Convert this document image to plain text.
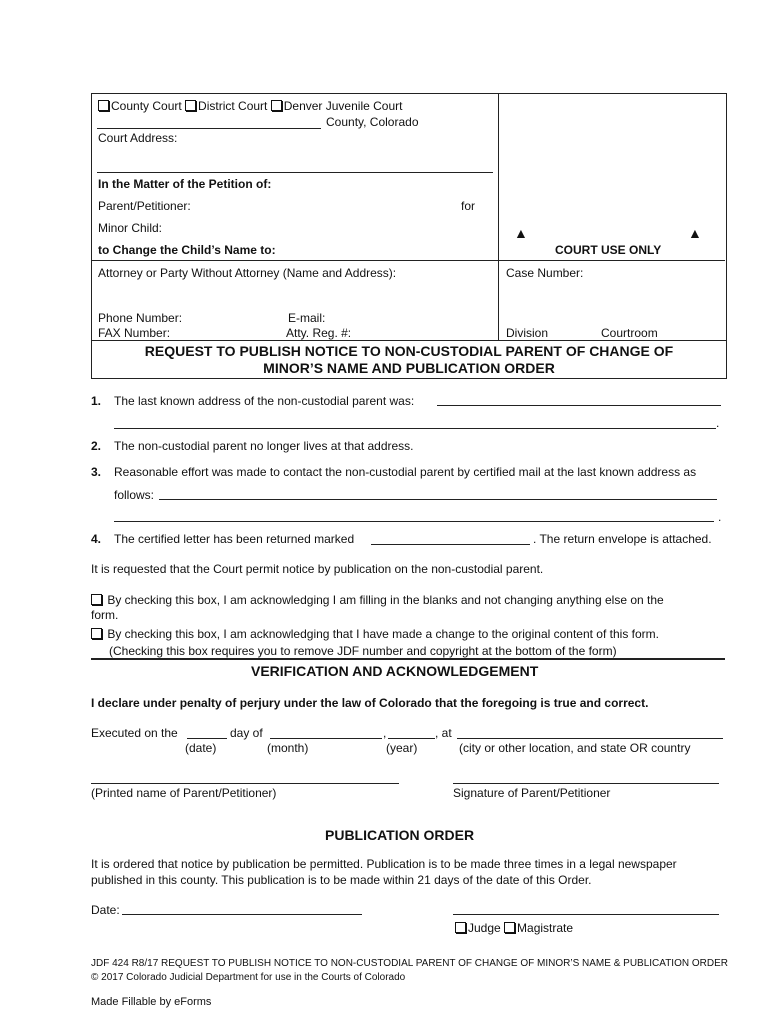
County Court District Court Denver Juvenile Court
County, Colorado
Court Address:
In the Matter of the Petition of:
Parent/Petitioner:	for
Minor Child:
to Change the Child’s Name to:
▲	▲
COURT USE ONLY
Attorney or Party Without Attorney (Name and Address):	Case Number:
Phone Number:	E-mail:
FAX Number:	Atty. Reg. #:	Division	Courtroom
REQUEST TO PUBLISH NOTICE TO NON-CUSTODIAL PARENT OF CHANGE OF
MINOR’S NAME AND PUBLICATION ORDER
1. The last known address of the non-custodial parent was:
.
2. The non-custodial parent no longer lives at that address.
3. Reasonable effort was made to contact the non-custodial parent by certified mail at the last known address as
follows:
.
4. The certified letter has been returned marked	. The return envelope is attached.
It is requested that the Court permit notice by publication on the non-custodial parent.
By checking this box, I am acknowledging I am filling in the blanks and not changing anything else on the
form.
By checking this box, I am acknowledging that I have made a change to the original content of this form.
(Checking this box requires you to remove JDF number and copyright at the bottom of the form)
VERIFICATION AND ACKNOWLEDGEMENT
I declare under penalty of perjury under the law of Colorado that the foregoing is true and correct.
Executed on the	day of	,	, at
(date)	(month)	(year)	(city or other location, and state OR country
(Printed name of Parent/Petitioner)	Signature of Parent/Petitioner
PUBLICATION ORDER
It is ordered that notice by publication be permitted. Publication is to be made three times in a legal newspaper
published in this county. This publication is to be made within 21 days of the date of this Order.
Date:
Judge Magistrate
JDF 424 R8/17 REQUEST TO PUBLISH NOTICE TO NON-CUSTODIAL PARENT OF CHANGE OF MINOR’S NAME & PUBLICATION ORDER
© 2017 Colorado Judicial Department for use in the Courts of Colorado
Made Fillable by eForms
